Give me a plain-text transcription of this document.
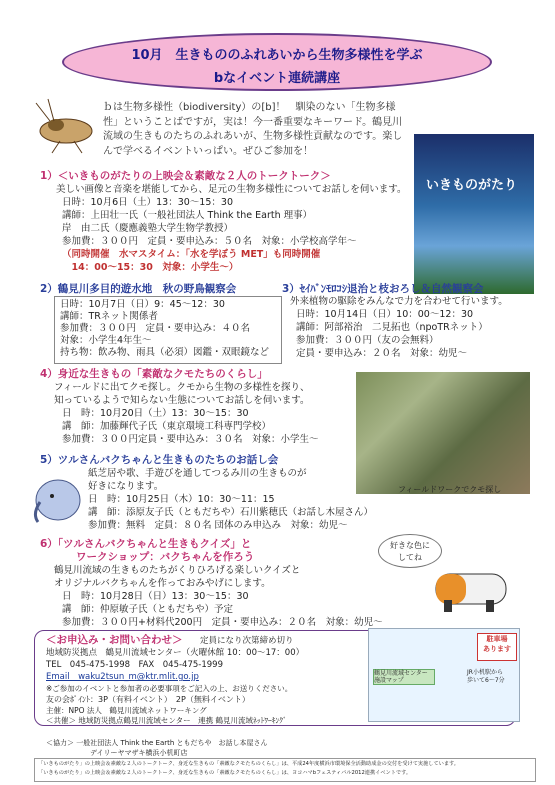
10月　生きもののふれあいから生物多様性を学ぶ
bなイベント連続講座
ｂは生物多様性（biodiversity）の[b]！　馴染のない「生物多様性」ということばですが，実は！今一番重要なキーワード。鶴見川流域の生きものたちのふれあいが、生物多様性貢献なのです。楽しんで学べるイベントいっぱい。ぜひご参加を！
いきものがたり
1）＜いきものがたりの上映会＆素敵な２人のトークトーク＞
美しい画像と音楽を堪能してから、足元の生物多様性についてお話しを伺います。
日時：10月6日（土）13：30～15：30
講師：上田壮一氏（一般社団法人 Think the Earth 理事）
岸　由二氏（慶應義塾大学生物学教授）
参加費：３００円　定員・要申込み：５０名　対象：小学校高学年～
（同時開催　水マスタイム：「水を学ぼう MET」も同時開催
　14：00～15：30　対象：小学生～）
2）鶴見川多目的遊水地　秋の野鳥観察会
日時：10月7日（日）9：45～12：30
講師：TRネット関係者
参加費：３００円　定員・要申込み：４０名
対象：小学生4年生～
持ち物：飲み物、雨具（必須）図鑑・双眼鏡など
3）ｾｲﾊﾞﾝﾓﾛｺｼ退治と枝おろし＆自然観察会
外来植物の駆除をみんなで力を合わせて行います。
日時：10月14日（日）10：00～12：30
講師：阿部裕治　二見拓也（npoTRネット）
参加費：３００円（友の会無料）
定員・要申込み：２０名　対象：幼児～
4）身近な生きもの「素敵なクモたちのくらし」
フィールドに出てクモ探し。クモから生物の多様性を探り、
知っているようで知らない生態についてお話しを伺います。
日　時：10月20日（土）13：30～15：30
講　師：加藤輝代子氏（東京環境工科専門学校）
参加費：３００円定員・要申込み：３０名　対象：小学生～
フィールドワークでクモ探し
5）ツルさんバクちゃんと生きものたちのお話し会
紙芝居や歌、手遊びを通してつるみ川の生きものが
好きになります。
日　時：10月25日（木）10：30～11：15
講　師：添原友子氏（ともだちや）石川紫穂氏（お話し木屋さん）
参加費：無料　定員：８０名 団体のみ申込み　対象：幼児～
6）「ツルさんバクちゃんと生きもクイズ」と
ワークショップ：バクちゃんを作ろう
鶴見川流域の生きものたちがくりひろげる楽しいクイズと
オリジナルバクちゃんを作っておみやげにします。
日　時：10月28日（日）13：30～15：30
講　師：仲原敏子氏（ともだちや）予定
参加費：３００円+材料代200円　定員・要申込み：２０名　対象：幼児～
好きな色に
してね
＜お申込み・お問い合わせ＞ 定員になり次第締め切り
地域防災拠点　鶴見川流域センター（火曜休館 10：00～17：00）
TEL　045-475-1998　FAX　045-475-1999
Email　waku2tsun_m@ktr.mlit.go.jp
※ご参加のイベントと参加者の必要事項をご記入の上、お送りください。
友の会ﾎﾟｲﾝﾄ：3P（有料イベント）　2P（無料イベント）
主催：NPO 法人　鶴見川流域ネットワーキング
＜共催＞ 地域防災拠点鶴見川流域センター　連携 鶴見川流域ﾈｯﾄﾜｰｷﾝｸﾞ
鶴見川流域センター
施設マップ
駐車場
あります
JR小机駅から
歩いて6～7分
＜協力＞ 一般社団法人 Think the Earth ともだちや　お話し本屋さん
デイリーヤマザキ横浜小机町店
「いきものがたり」の上映会＆素敵な２人のトークトーク、身近な生きもの「素敵なクモたちのくらし」は、平成24年度横浜市環境保全活動助成金の交付を受けて実施しています。
「いきものがたり」の上映会＆素敵な２人のトークトーク、身近な生きもの「素敵なクモたちのくらし」は、ヨコハマbフェスティバル2012連携イベントです。
